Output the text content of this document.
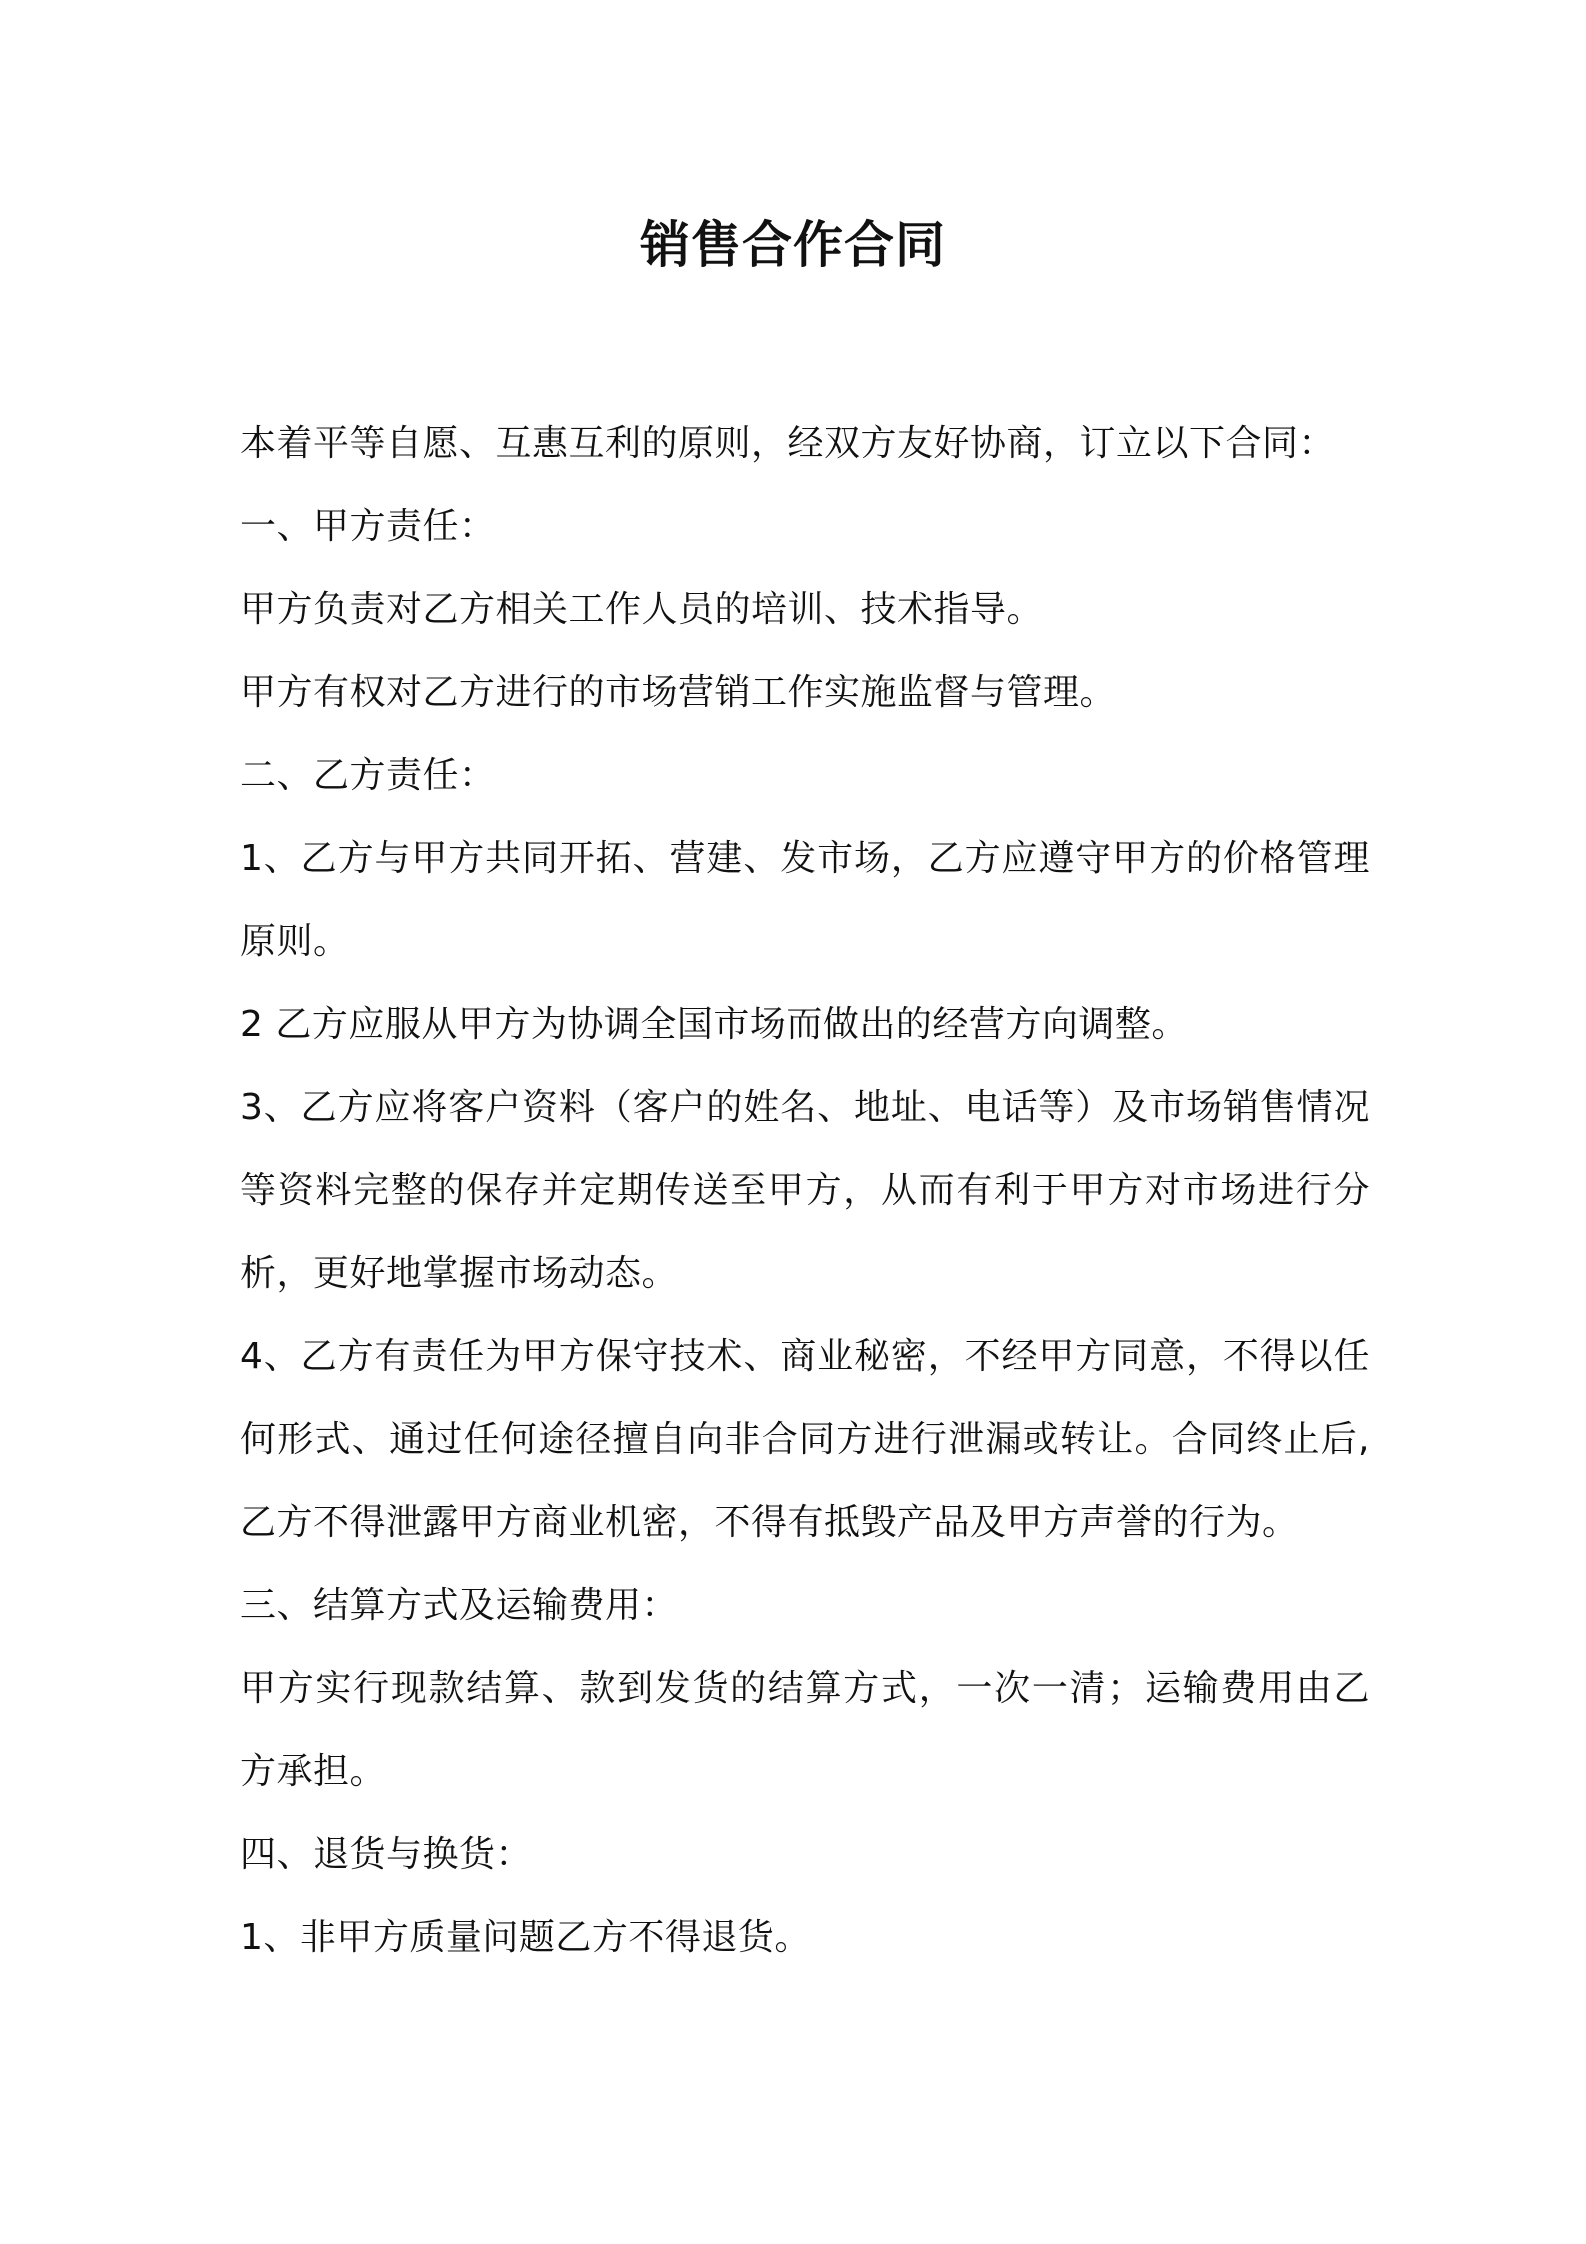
销售合作合同

本着平等自愿、互惠互利的原则，经双方友好协商，订立以下合同：

一、甲方责任：

甲方负责对乙方相关工作人员的培训、技术指导。

甲方有权对乙方进行的市场营销工作实施监督与管理。

二、乙方责任：

1、乙方与甲方共同开拓、营建、发市场，乙方应遵守甲方的价格管理原则。

2 乙方应服从甲方为协调全国市场而做出的经营方向调整。

3、乙方应将客户资料（客户的姓名、地址、电话等）及市场销售情况等资料完整的保存并定期传送至甲方，从而有利于甲方对市场进行分析，更好地掌握市场动态。

4、乙方有责任为甲方保守技术、商业秘密，不经甲方同意，不得以任何形式、通过任何途径擅自向非合同方进行泄漏或转让。合同终止后,乙方不得泄露甲方商业机密，不得有抵毁产品及甲方声誉的行为。

三、结算方式及运输费用：

甲方实行现款结算、款到发货的结算方式，一次一清；运输费用由乙方承担。

四、退货与换货：

1、非甲方质量问题乙方不得退货。
